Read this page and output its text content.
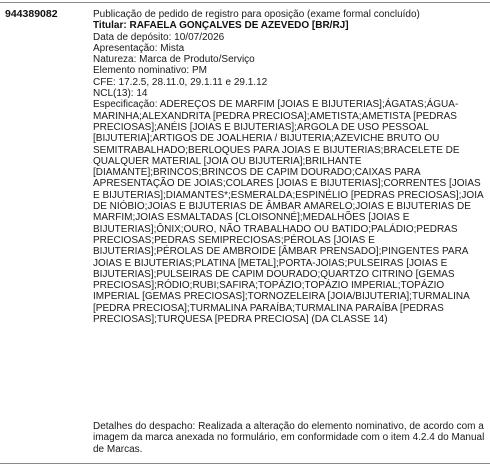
944389082	Publicação de pedido de registro para oposição (exame formal concluído)
Titular: RAFAELA GONÇALVES DE AZEVEDO [BR/RJ]
Data de depósito: 10/07/2026
Apresentação: Mista
Natureza: Marca de Produto/Serviço
Elemento nominativo: PM
CFE: 17.2.5, 28.11.0, 29.1.11 e 29.1.12
NCL(13): 14

Especificação: ADEREÇOS DE MARFIM [JOIAS E BIJUTERIAS];ÁGATAS;ÁGUA-MARINHA;ALEXANDRITA [PEDRA PRECIOSA];AMETISTA;AMETISTA [PEDRAS PRECIOSAS];ANÉIS [JOIAS E BIJUTERIAS];ARGOLA DE USO PESSOAL [BIJUTERIA];ARTIGOS DE JOALHERIA / BIJUTERIA;AZEVICHE BRUTO OU SEMITRABALHADO;BERLOQUES PARA JOIAS E BIJUTERIAS;BRACELETE DE QUALQUER MATERIAL [JOIA OU BIJUTERIA];BRILHANTE [DIAMANTE];BRINCOS;BRINCOS DE CAPIM DOURADO;CAIXAS PARA APRESENTAÇÃO DE JOIAS;COLARES [JOIAS E BIJUTERIAS];CORRENTES [JOIAS E BIJUTERIAS];DIAMANTES*;ESMERALDA;ESPINÉLIO [PEDRAS PRECIOSAS];JOIA DE NIÓBIO;JOIAS E BIJUTERIAS DE ÂMBAR AMARELO;JOIAS E BIJUTERIAS DE MARFIM;JOIAS ESMALTADAS [CLOISONNÉ];MEDALHÕES [JOIAS E BIJUTERIAS];ÔNIX;OURO, NÃO TRABALHADO OU BATIDO;PALÁDIO;PEDRAS PRECIOSAS;PEDRAS SEMIPRECIOSAS;PÉROLAS [JOIAS E BIJUTERIAS];PÉROLAS DE AMBROIDE [ÂMBAR PRENSADO];PINGENTES PARA JOIAS E BIJUTERIAS;PLATINA [METAL];PORTA-JOIAS;PULSEIRAS [JOIAS E BIJUTERIAS];PULSEIRAS DE CAPIM DOURADO;QUARTZO CITRINO [GEMAS PRECIOSAS];RÓDIO;RUBI;SAFIRA;TOPÁZIO;TOPÁZIO IMPERIAL;TOPÁZIO IMPERIAL [GEMAS PRECIOSAS];TORNOZELEIRA [JOIA/BIJUTERIA];TURMALINA [PEDRA PRECIOSA];TURMALINA PARAÍBA;TURMALINA PARAÍBA [PEDRAS PRECIOSAS];TURQUESA [PEDRA PRECIOSA] (DA CLASSE 14)

Detalhes do despacho: Realizada a alteração do elemento nominativo, de acordo com a imagem da marca anexada no formulário, em conformidade com o item 4.2.4 do Manual de Marcas.
